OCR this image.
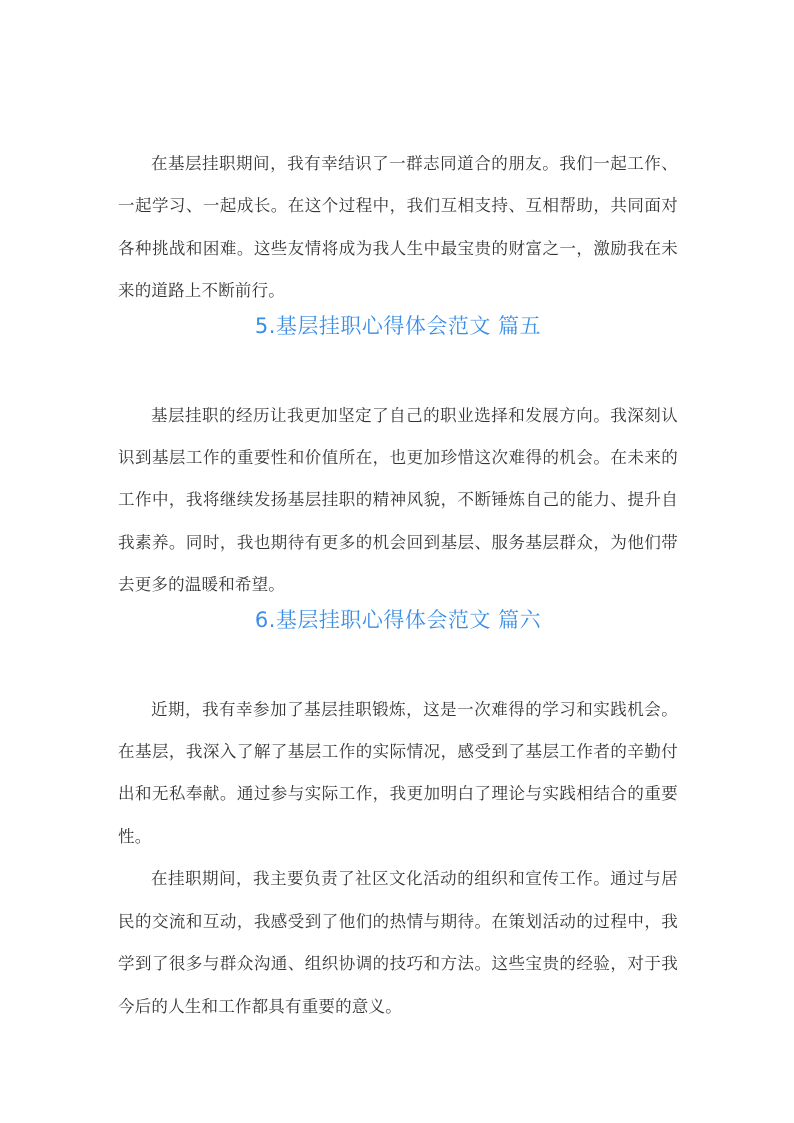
在基层挂职期间，我有幸结识了一群志同道合的朋友。我们一起工作、一起学习、一起成长。在这个过程中，我们互相支持、互相帮助，共同面对各种挑战和困难。这些友情将成为我人生中最宝贵的财富之一，激励我在未来的道路上不断前行。

5.基层挂职心得体会范文 篇五

基层挂职的经历让我更加坚定了自己的职业选择和发展方向。我深刻认识到基层工作的重要性和价值所在，也更加珍惜这次难得的机会。在未来的工作中，我将继续发扬基层挂职的精神风貌，不断锤炼自己的能力、提升自我素养。同时，我也期待有更多的机会回到基层、服务基层群众，为他们带去更多的温暖和希望。

6.基层挂职心得体会范文 篇六

近期，我有幸参加了基层挂职锻炼，这是一次难得的学习和实践机会。在基层，我深入了解了基层工作的实际情况，感受到了基层工作者的辛勤付出和无私奉献。通过参与实际工作，我更加明白了理论与实践相结合的重要性。

在挂职期间，我主要负责了社区文化活动的组织和宣传工作。通过与居民的交流和互动，我感受到了他们的热情与期待。在策划活动的过程中，我学到了很多与群众沟通、组织协调的技巧和方法。这些宝贵的经验，对于我今后的人生和工作都具有重要的意义。
